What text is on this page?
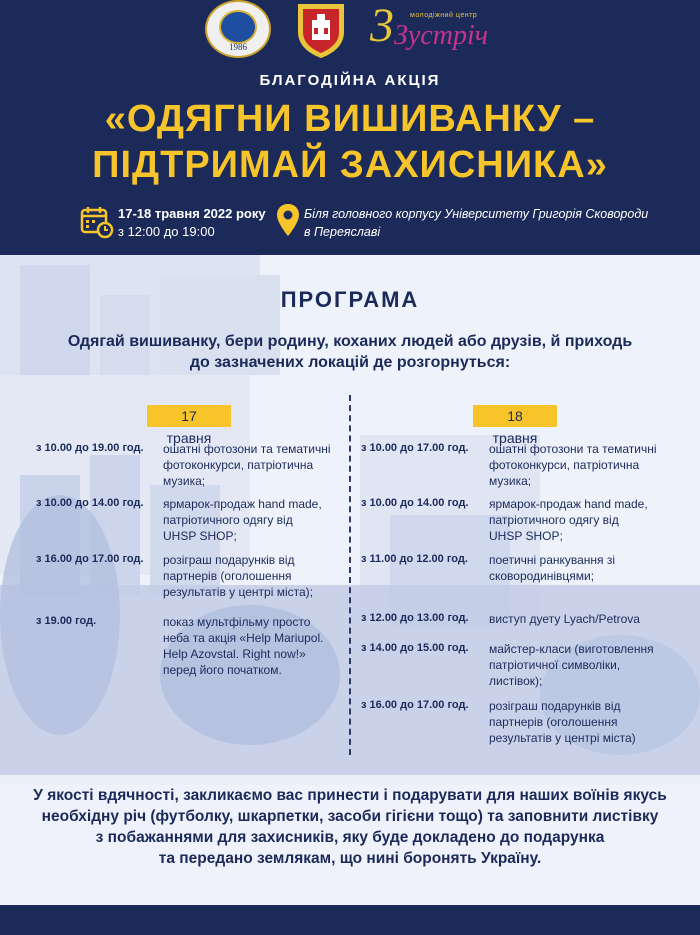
1986	3 молодіжний центр
Зустріч
БЛАГОДІЙНА АКЦІЯ
«ОДЯГНИ ВИШИВАНКУ –
ПІДТРИМАЙ ЗАХИСНИКА»
17-18 травня 2022 року
з 12:00 до 19:00
Біля головного корпусу Університету Григорія Сковороди
в Переяславі
ПРОГРАМА
Одягай вишиванку, бери родину, коханих людей або друзів, й приходь
до зазначених локацій де розгорнуться:
17 травня
18 травня
з 10.00 до 19.00 год. ошатні фотозони та тематичні
фотоконкурси, патріотична
музика;
з 10.00 до 14.00 год. ярмарок-продаж hand made,
патріотичного одягу від
UHSP SHOP;
з 16.00 до 17.00 год. розіграш подарунків від
партнерів (оголошення
результатів у центрі міста);
з 19.00 год.	показ мультфільму просто
неба та акція «Help Mariupol.
Help Azovstal. Right now!»
перед його початком.
з 10.00 до 17.00 год. ошатні фотозони та тематичні
фотоконкурси, патріотична
музика;
з 10.00 до 14.00 год. ярмарок-продаж hand made,
патріотичного одягу від
UHSP SHOP;
з 11.00 до 12.00 год. поетичні ранкування зі
сковородинівцями;
з 12.00 до 13.00 год. виступ дуету Lyach/Petrova
з 14.00 до 15.00 год. майстер-класи (виготовлення
патріотичної символіки,
листівок);
з 16.00 до 17.00 год. розіграш подарунків від
партнерів (оголошення
результатів у центрі міста)
У якості вдячності, закликаємо вас принести і подарувати для наших воїнів якусь
необхідну річ (футболку, шкарпетки, засоби гігієни тощо) та заповнити листівку
з побажаннями для захисників, яку буде докладено до подарунка
та передано землякам, що нині боронять Україну.
